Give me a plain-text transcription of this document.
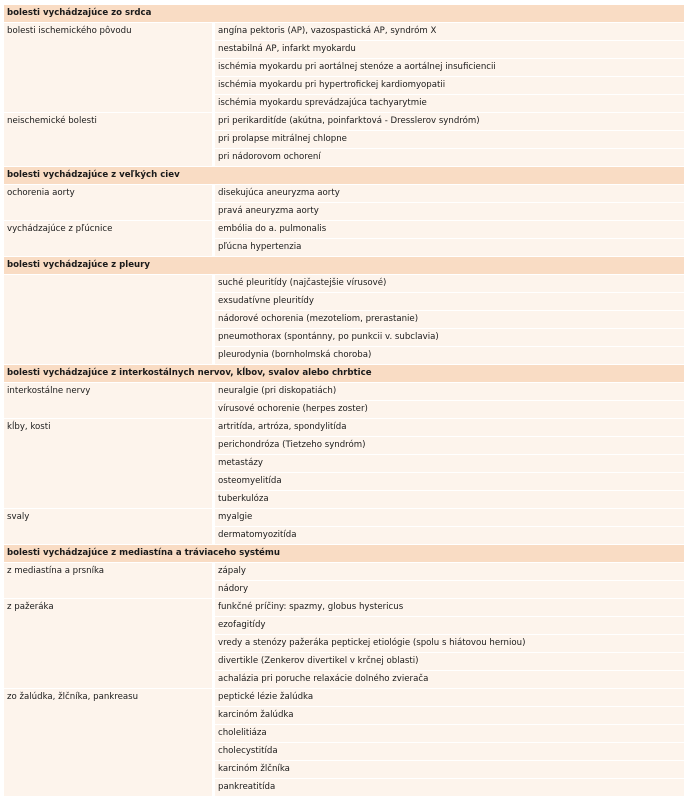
bolesti vychádzajúce zo srdca
bolesti ischemického pôvodu	angína pektoris (AP), vazospastická AP, syndróm X
nestabilná AP, infarkt myokardu
ischémia myokardu pri aortálnej stenóze a aortálnej insuficiencii
ischémia myokardu pri hypertrofickej kardiomyopatii
ischémia myokardu sprevádzajúca tachyarytmie
neischemické bolesti	pri perikarditíde (akútna, poinfarktová - Dresslerov syndróm)
pri prolapse mitrálnej chlopne
pri nádorovom ochorení
bolesti vychádzajúce z veľkých ciev
ochorenia aorty	disekujúca aneuryzma aorty
pravá aneuryzma aorty
vychádzajúce z pľúcnice	embólia do a. pulmonalis
pľúcna hypertenzia
bolesti vychádzajúce z pleury
suché pleuritídy (najčastejšie vírusové)
exsudatívne pleuritídy
nádorové ochorenia (mezoteliom, prerastanie)
pneumothorax (spontánny, po punkcii v. subclavia)
pleurodynia (bornholmská choroba)
bolesti vychádzajúce z interkostálnych nervov, kĺbov, svalov alebo chrbtice
interkostálne nervy	neuralgie (pri diskopatiách)
vírusové ochorenie (herpes zoster)
kĺby, kosti	artritída, artróza, spondylitída
perichondróza (Tietzeho syndróm)
metastázy
osteomyelitída
tuberkulóza
svaly	myalgie
dermatomyozitída
bolesti vychádzajúce z mediastína a tráviaceho systému
z mediastína a prsníka	zápaly
nádory
z pažeráka	funkčné príčiny: spazmy, globus hystericus
ezofagitídy
vredy a stenózy pažeráka peptickej etiológie (spolu s hiátovou herniou)
divertikle (Zenkerov divertikel v krčnej oblasti)
achalázia pri poruche relaxácie dolného zvierača
zo žalúdka, žlčníka, pankreasu	peptické lézie žalúdka
karcinóm žalúdka
cholelitiáza
cholecystitída
karcinóm žlčníka
pankreatitída
